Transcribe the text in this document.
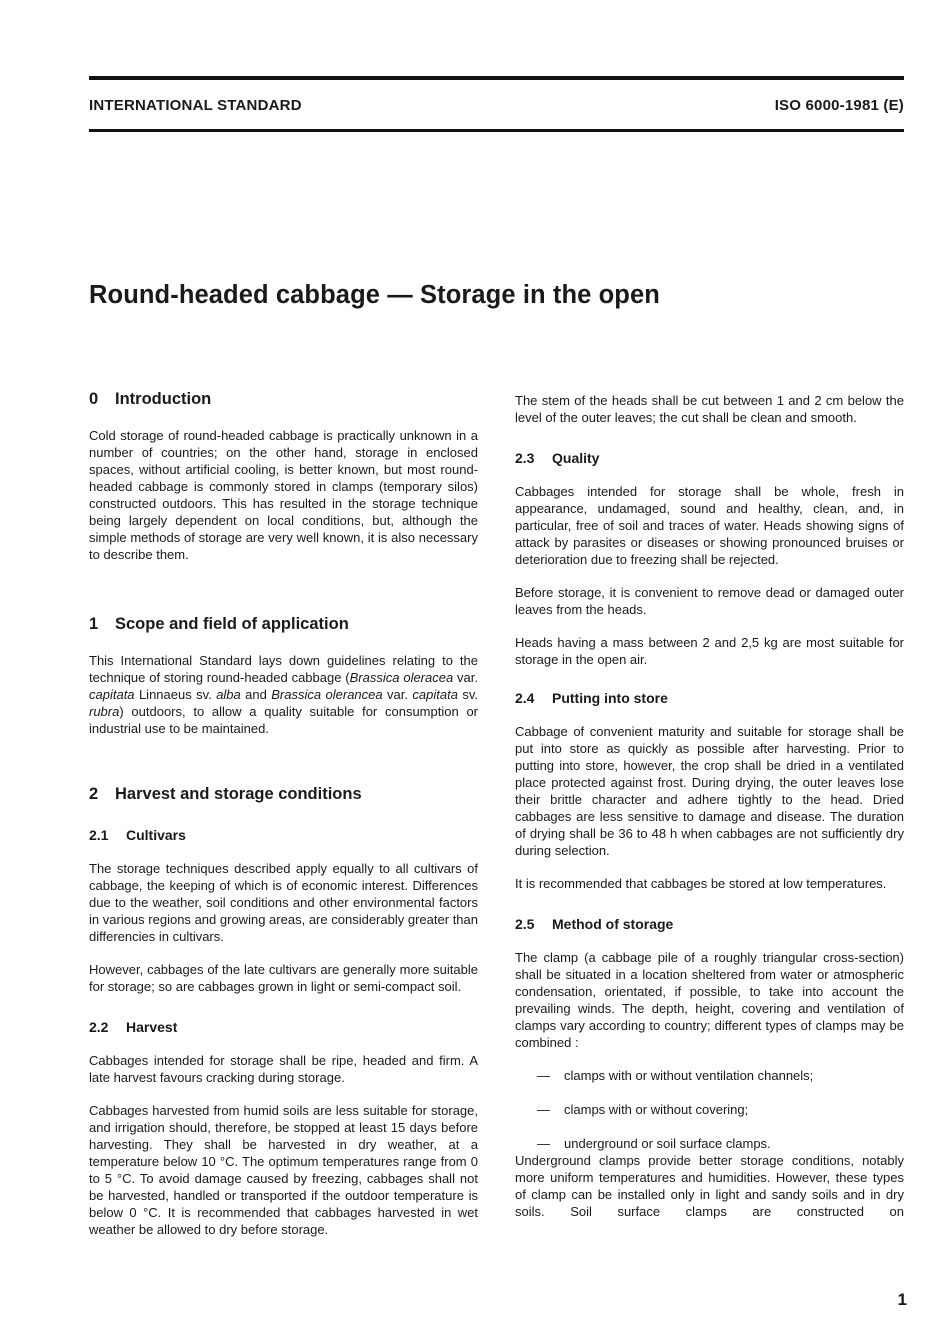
INTERNATIONAL STANDARD	ISO 6000-1981 (E)
Round-headed cabbage — Storage in the open
0 Introduction

Cold storage of round-headed cabbage is practically unknown in a number of countries; on the other hand, storage in enclosed spaces, without artificial cooling, is better known, but most round-headed cabbage is commonly stored in clamps (temporary silos) constructed outdoors. This has resulted in the storage technique being largely dependent on local conditions, but, although the simple methods of storage are very well known, it is also necessary to describe them.

1 Scope and field of application

This International Standard lays down guidelines relating to the technique of storing round-headed cabbage (Brassica oleracea var. capitata Linnaeus sv. alba and Brassica olerancea var. capitata sv. rubra) outdoors, to allow a quality suitable for consumption or industrial use to be maintained.

2 Harvest and storage conditions
2.1 Cultivars

The storage techniques described apply equally to all cultivars of cabbage, the keeping of which is of economic interest. Differences due to the weather, soil conditions and other environmental factors in various regions and growing areas, are considerably greater than differencies in cultivars.

However, cabbages of the late cultivars are generally more suitable for storage; so are cabbages grown in light or semi-compact soil.

2.2 Harvest

Cabbages intended for storage shall be ripe, headed and firm. A late harvest favours cracking during storage.

Cabbages harvested from humid soils are less suitable for storage, and irrigation should, therefore, be stopped at least 15 days before harvesting. They shall be harvested in dry weather, at a temperature below 10 °C. The optimum temperatures range from 0 to 5 °C. To avoid damage caused by freezing, cabbages shall not be harvested, handled or transported if the outdoor temperature is below 0 °C. It is recommended that cabbages harvested in wet weather be allowed to dry before storage.

The stem of the heads shall be cut between 1 and 2 cm below the level of the outer leaves; the cut shall be clean and smooth.

2.3 Quality

Cabbages intended for storage shall be whole, fresh in appearance, undamaged, sound and healthy, clean, and, in particular, free of soil and traces of water. Heads showing signs of attack by parasites or diseases or showing pronounced bruises or deterioration due to freezing shall be rejected.

Before storage, it is convenient to remove dead or damaged outer leaves from the heads.

Heads having a mass between 2 and 2,5 kg are most suitable for storage in the open air.

2.4 Putting into store

Cabbage of convenient maturity and suitable for storage shall be put into store as quickly as possible after harvesting. Prior to putting into store, however, the crop shall be dried in a ventilated place protected against frost. During drying, the outer leaves lose their brittle character and adhere tightly to the head. Dried cabbages are less sensitive to damage and disease. The duration of drying shall be 36 to 48 h when cabbages are not sufficiently dry during selection.

It is recommended that cabbages be stored at low temperatures.

2.5 Method of storage

The clamp (a cabbage pile of a roughly triangular cross-section) shall be situated in a location sheltered from water or atmospheric condensation, orientated, if possible, to take into account the prevailing winds. The depth, height, covering and ventilation of clamps vary according to country; different types of clamps may be combined :

— clamps with or without ventilation channels;
— clamps with or without covering;
— underground or soil surface clamps.

Underground clamps provide better storage conditions, notably more uniform temperatures and humidities. However, these types of clamp can be installed only in light and sandy soils and in dry soils. Soil surface clamps are constructed on

1
